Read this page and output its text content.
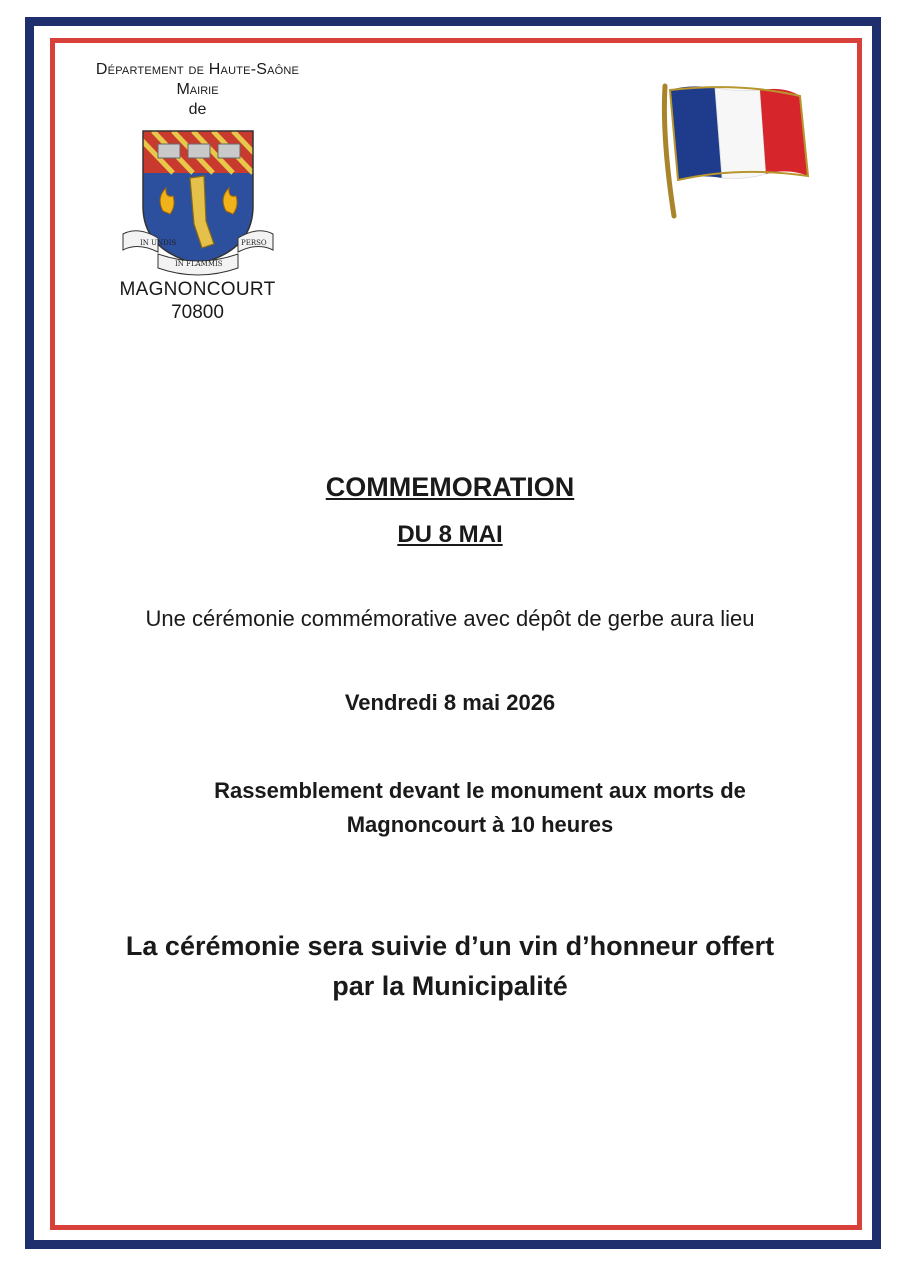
Département de Haute-Saône
Mairie
de
IN UNDIS	PERSO
IN FLAMMIS
MAGNONCOURT
70800
COMMEMORATION
DU 8 MAI
Une cérémonie commémorative avec dépôt de gerbe aura lieu
Vendredi 8 mai 2026
Rassemblement devant le monument aux morts de
Magnoncourt à 10 heures
La cérémonie sera suivie d’un vin d’honneur offert
par la Municipalité
